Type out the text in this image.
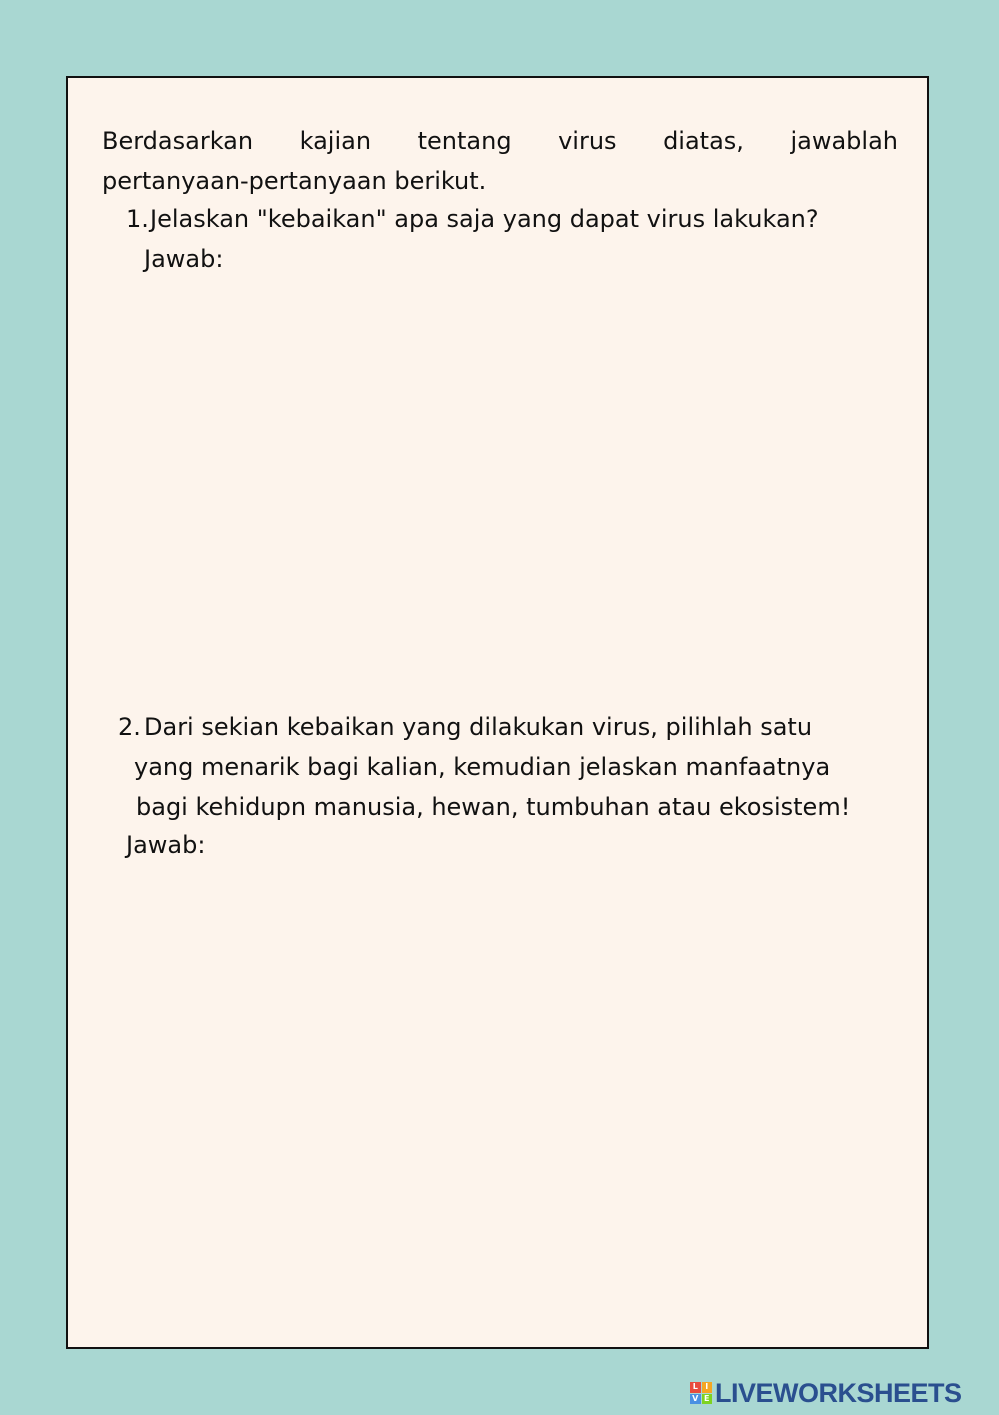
Berdasarkan kajian tentang virus diatas, jawablah
pertanyaan-pertanyaan berikut.
1. Jelaskan "kebaikan" apa saja yang dapat virus lakukan?
Jawab:
2. Dari sekian kebaikan yang dilakukan virus, pilihlah satu
yang menarik bagi kalian, kemudian jelaskan manfaatnya
bagi kehidupn manusia, hewan, tumbuhan atau ekosistem!
Jawab:
L I
V E LIVEWORKSHEETS
